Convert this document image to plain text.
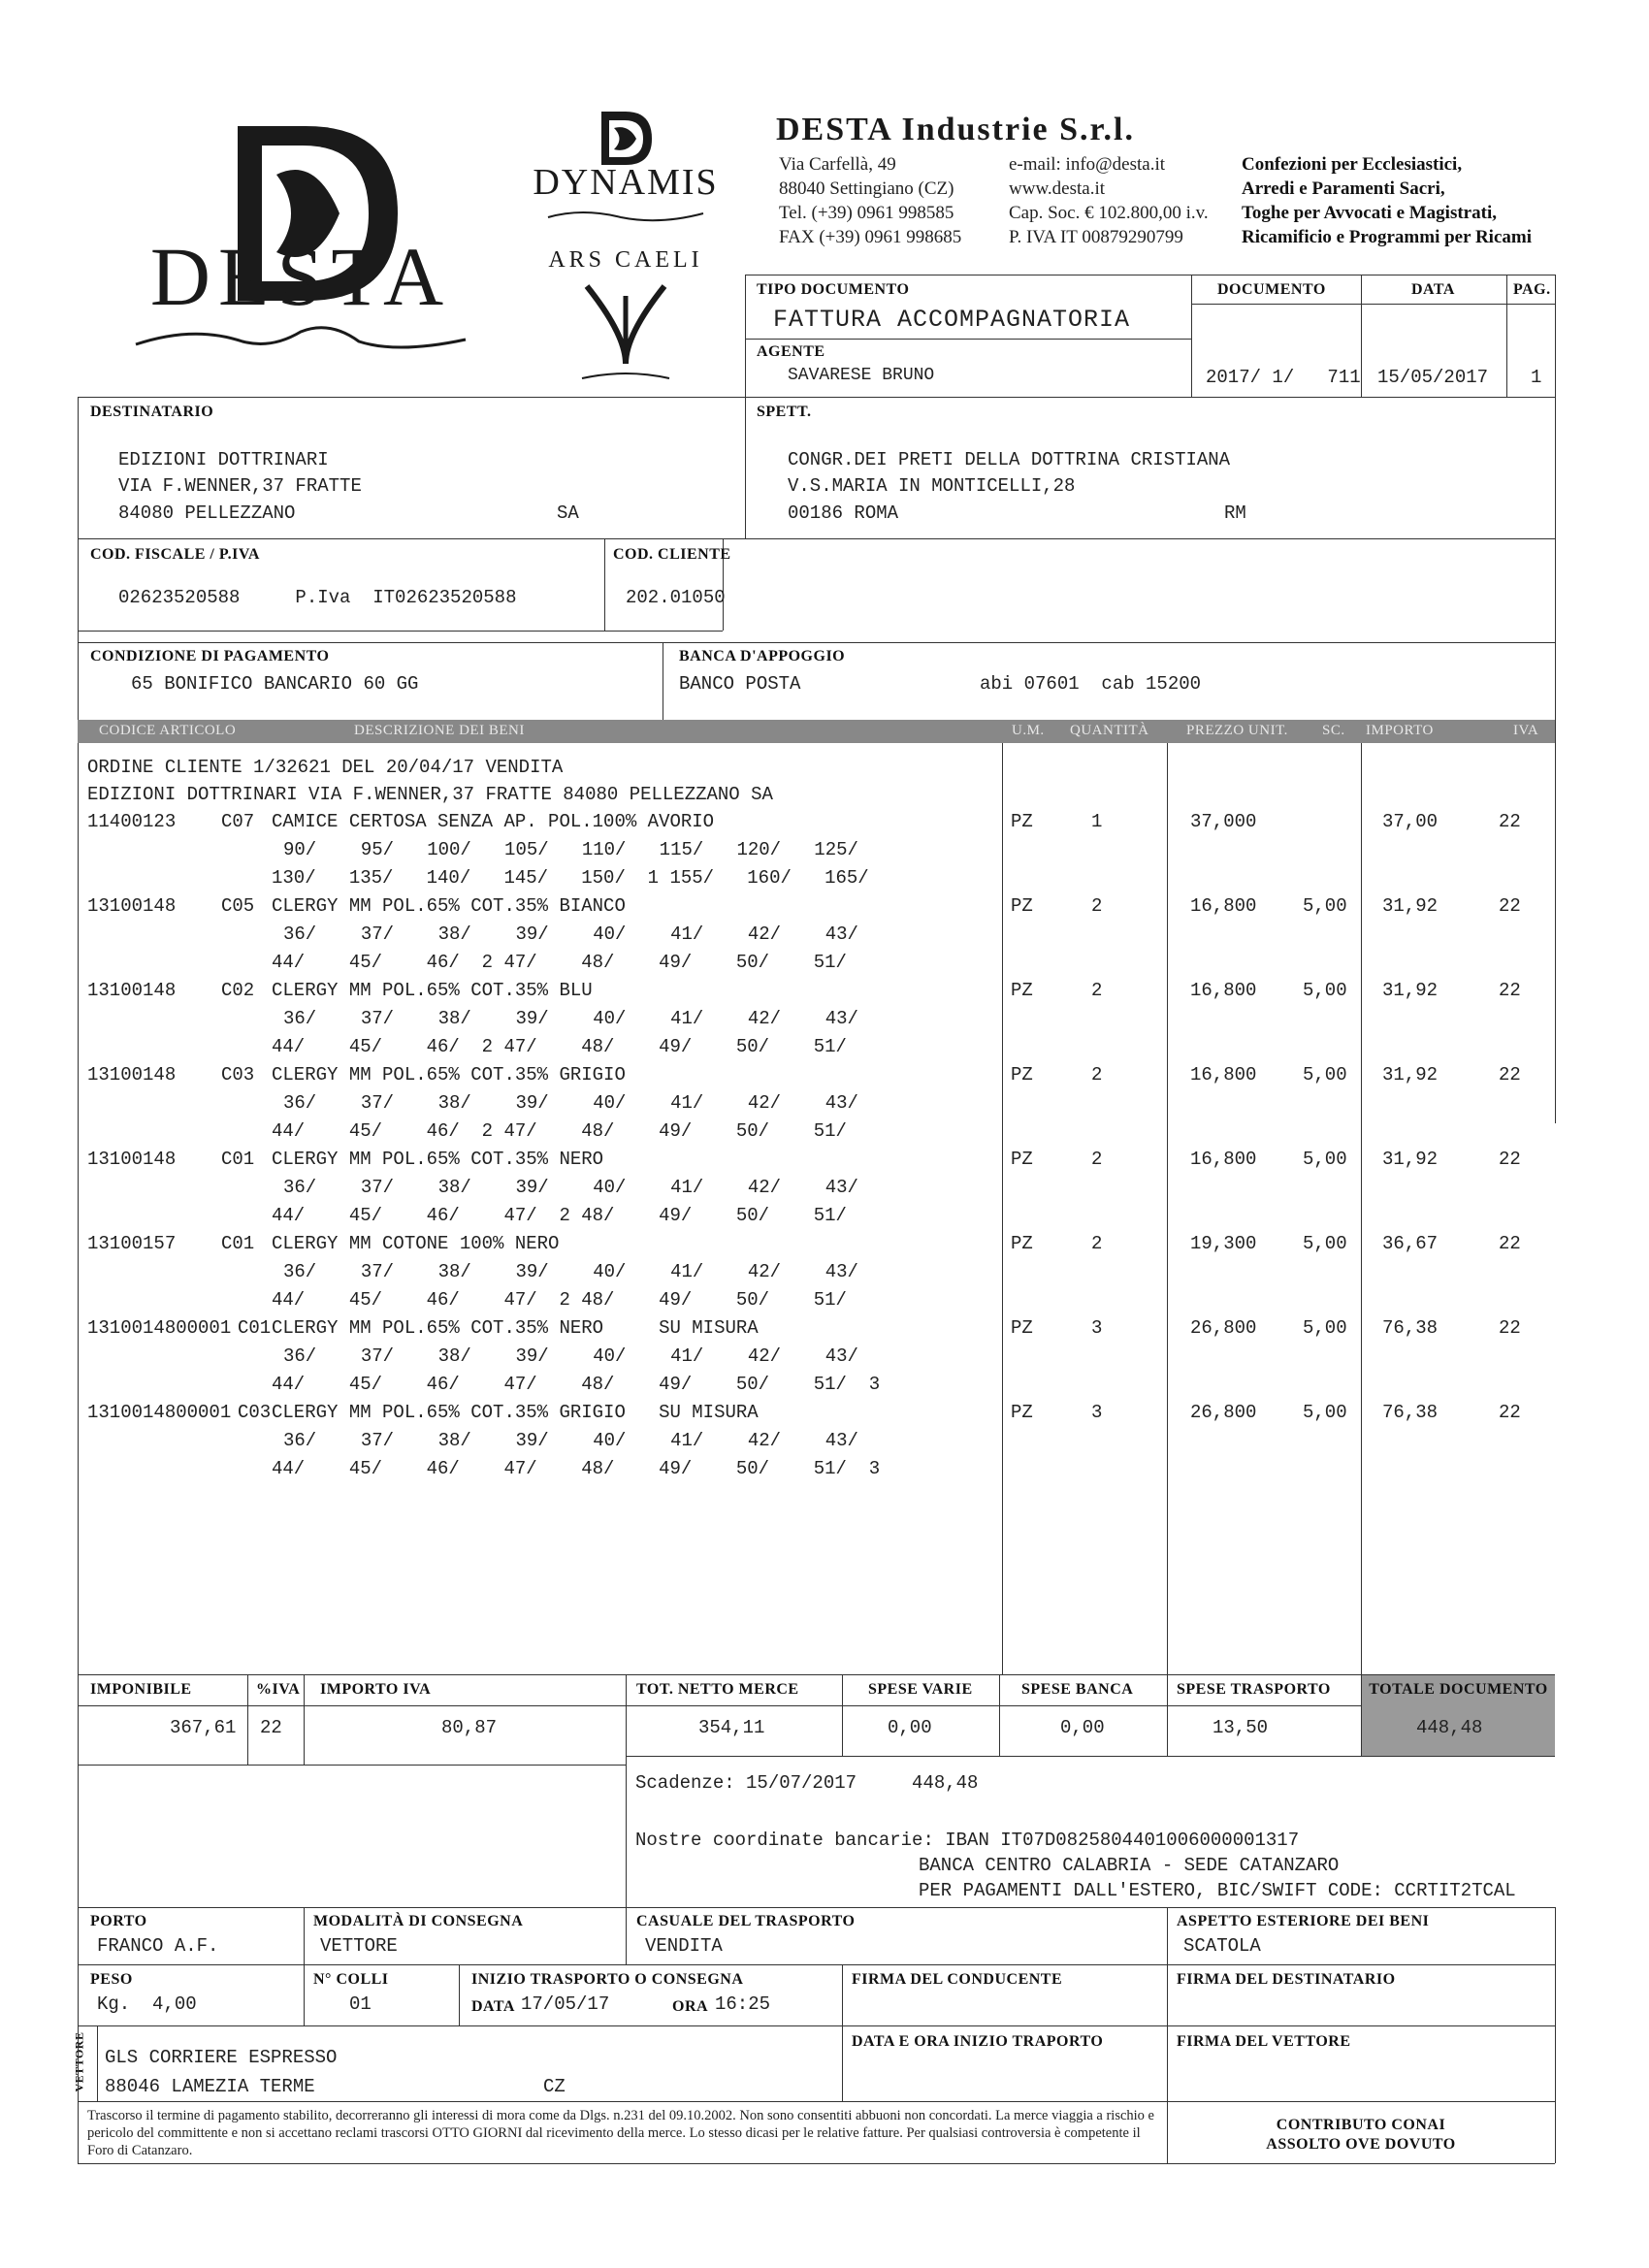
DESTA
DYNAMIS
ARS CAELI
DESTA Industrie S.r.l.
Via Carfellà, 49
88040 Settingiano (CZ)
Tel. (+39) 0961 998585
FAX (+39) 0961 998685
e-mail: info@desta.it
www.desta.it
Cap. Soc. € 102.800,00 i.v.
P. IVA IT 00879290799
Confezioni per Ecclesiastici,
Arredi e Paramenti Sacri,
Toghe per Avvocati e Magistrati,
Ricamificio e Programmi per Ricami
TIPO DOCUMENTO
FATTURA ACCOMPAGNATORIA
AGENTE
SAVARESE BRUNO
DOCUMENTO	DATA	PAG.
2017/ 1/   711 15/05/2017 1
DESTINATARIO
EDIZIONI DOTTRINARI
VIA F.WENNER,37 FRATTE
84080 PELLEZZANO	SA
SPETT.
CONGR.DEI PRETI DELLA DOTTRINA CRISTIANA
V.S.MARIA IN MONTICELLI,28
00186 ROMA	RM
COD. FISCALE / P.IVA
02623520588     P.Iva  IT02623520588
COD. CLIENTE
202.01050
CONDIZIONE DI PAGAMENTO
65 BONIFICO BANCARIO 60 GG
BANCA D'APPOGGIO
BANCO POSTA	abi 07601  cab 15200
CODICE ARTICOLO	DESCRIZIONE DEI BENI	U.M. QUANTITÀ	PREZZO UNIT. SC. IMPORTO	IVA
ORDINE CLIENTE 1/32621 DEL 20/04/17 VENDITA
EDIZIONI DOTTRINARI VIA F.WENNER,37 FRATTE 84080 PELLEZZANO SA
11400123 C07 CAMICE CERTOSA SENZA AP. POL.100% AVORIO
90/    95/   100/   105/   110/   115/   120/   125/
130/   135/   140/   145/   150/  1 155/   160/   165/
PZ	1	37,000	37,00	22
13100148 C05 CLERGY MM POL.65% COT.35% BIANCO
36/    37/    38/    39/    40/    41/    42/    43/
44/    45/    46/  2 47/    48/    49/    50/    51/
PZ	2	16,800	5,00 31,92	22
13100148 C02 CLERGY MM POL.65% COT.35% BLU
36/    37/    38/    39/    40/    41/    42/    43/
44/    45/    46/  2 47/    48/    49/    50/    51/
PZ	2	16,800	5,00 31,92	22
13100148 C03 CLERGY MM POL.65% COT.35% GRIGIO
36/    37/    38/    39/    40/    41/    42/    43/
44/    45/    46/  2 47/    48/    49/    50/    51/
PZ	2	16,800	5,00 31,92	22
13100148 C01 CLERGY MM POL.65% COT.35% NERO
36/    37/    38/    39/    40/    41/    42/    43/
44/    45/    46/    47/  2 48/    49/    50/    51/
PZ	2	16,800	5,00 31,92	22
13100157 C01 CLERGY MM COTONE 100% NERO
36/    37/    38/    39/    40/    41/    42/    43/
44/    45/    46/    47/  2 48/    49/    50/    51/
PZ	2	19,300	5,00 36,67	22
1310014800001 C01 CLERGY MM POL.65% COT.35% NERO     SU MISURA
36/    37/    38/    39/    40/    41/    42/    43/
44/    45/    46/    47/    48/    49/    50/    51/  3
PZ	3	26,800	5,00 76,38	22
1310014800001 C03 CLERGY MM POL.65% COT.35% GRIGIO   SU MISURA
36/    37/    38/    39/    40/    41/    42/    43/
44/    45/    46/    47/    48/    49/    50/    51/  3
PZ	3	26,800	5,00 76,38	22
IMPONIBILE
367,61
%IVA
22
IMPORTO IVA
80,87
TOT. NETTO MERCE
354,11
SPESE VARIE
0,00
SPESE BANCA
0,00
SPESE TRASPORTO
13,50
TOTALE DOCUMENTO
448,48
Scadenze: 15/07/2017     448,48
Nostre coordinate bancarie: IBAN IT07D0825804401006000001317
BANCA CENTRO CALABRIA - SEDE CATANZARO
PER PAGAMENTI DALL'ESTERO, BIC/SWIFT CODE: CCRTIT2TCAL
PORTO
FRANCO A.F.
MODALITÀ DI CONSEGNA
VETTORE
CASUALE DEL TRASPORTO
VENDITA
ASPETTO ESTERIORE DEI BENI
SCATOLA
PESO
Kg.  4,00
N° COLLI
01
INIZIO TRASPORTO O CONSEGNA
DATA 17/05/17	ORA 16:25
FIRMA DEL CONDUCENTE	FIRMA DEL DESTINATARIO
VETTORE GLS CORRIERE ESPRESSO
88046 LAMEZIA TERME	CZ
DATA E ORA INIZIO TRAPORTO	FIRMA DEL VETTORE
Trascorso il termine di pagamento stabilito, decorreranno gli interessi di mora come da Dlgs. n.231 del 09.10.2002. Non sono consentiti abbuoni non concordati. La merce viaggia a rischio e pericolo del committente e non si accettano reclami trascorsi OTTO GIORNI dal ricevimento della merce. Lo stesso dicasi per le relative fatture. Per qualsiasi controversia è competente il Foro di Catanzaro.
CONTRIBUTO CONAI
ASSOLTO OVE DOVUTO
